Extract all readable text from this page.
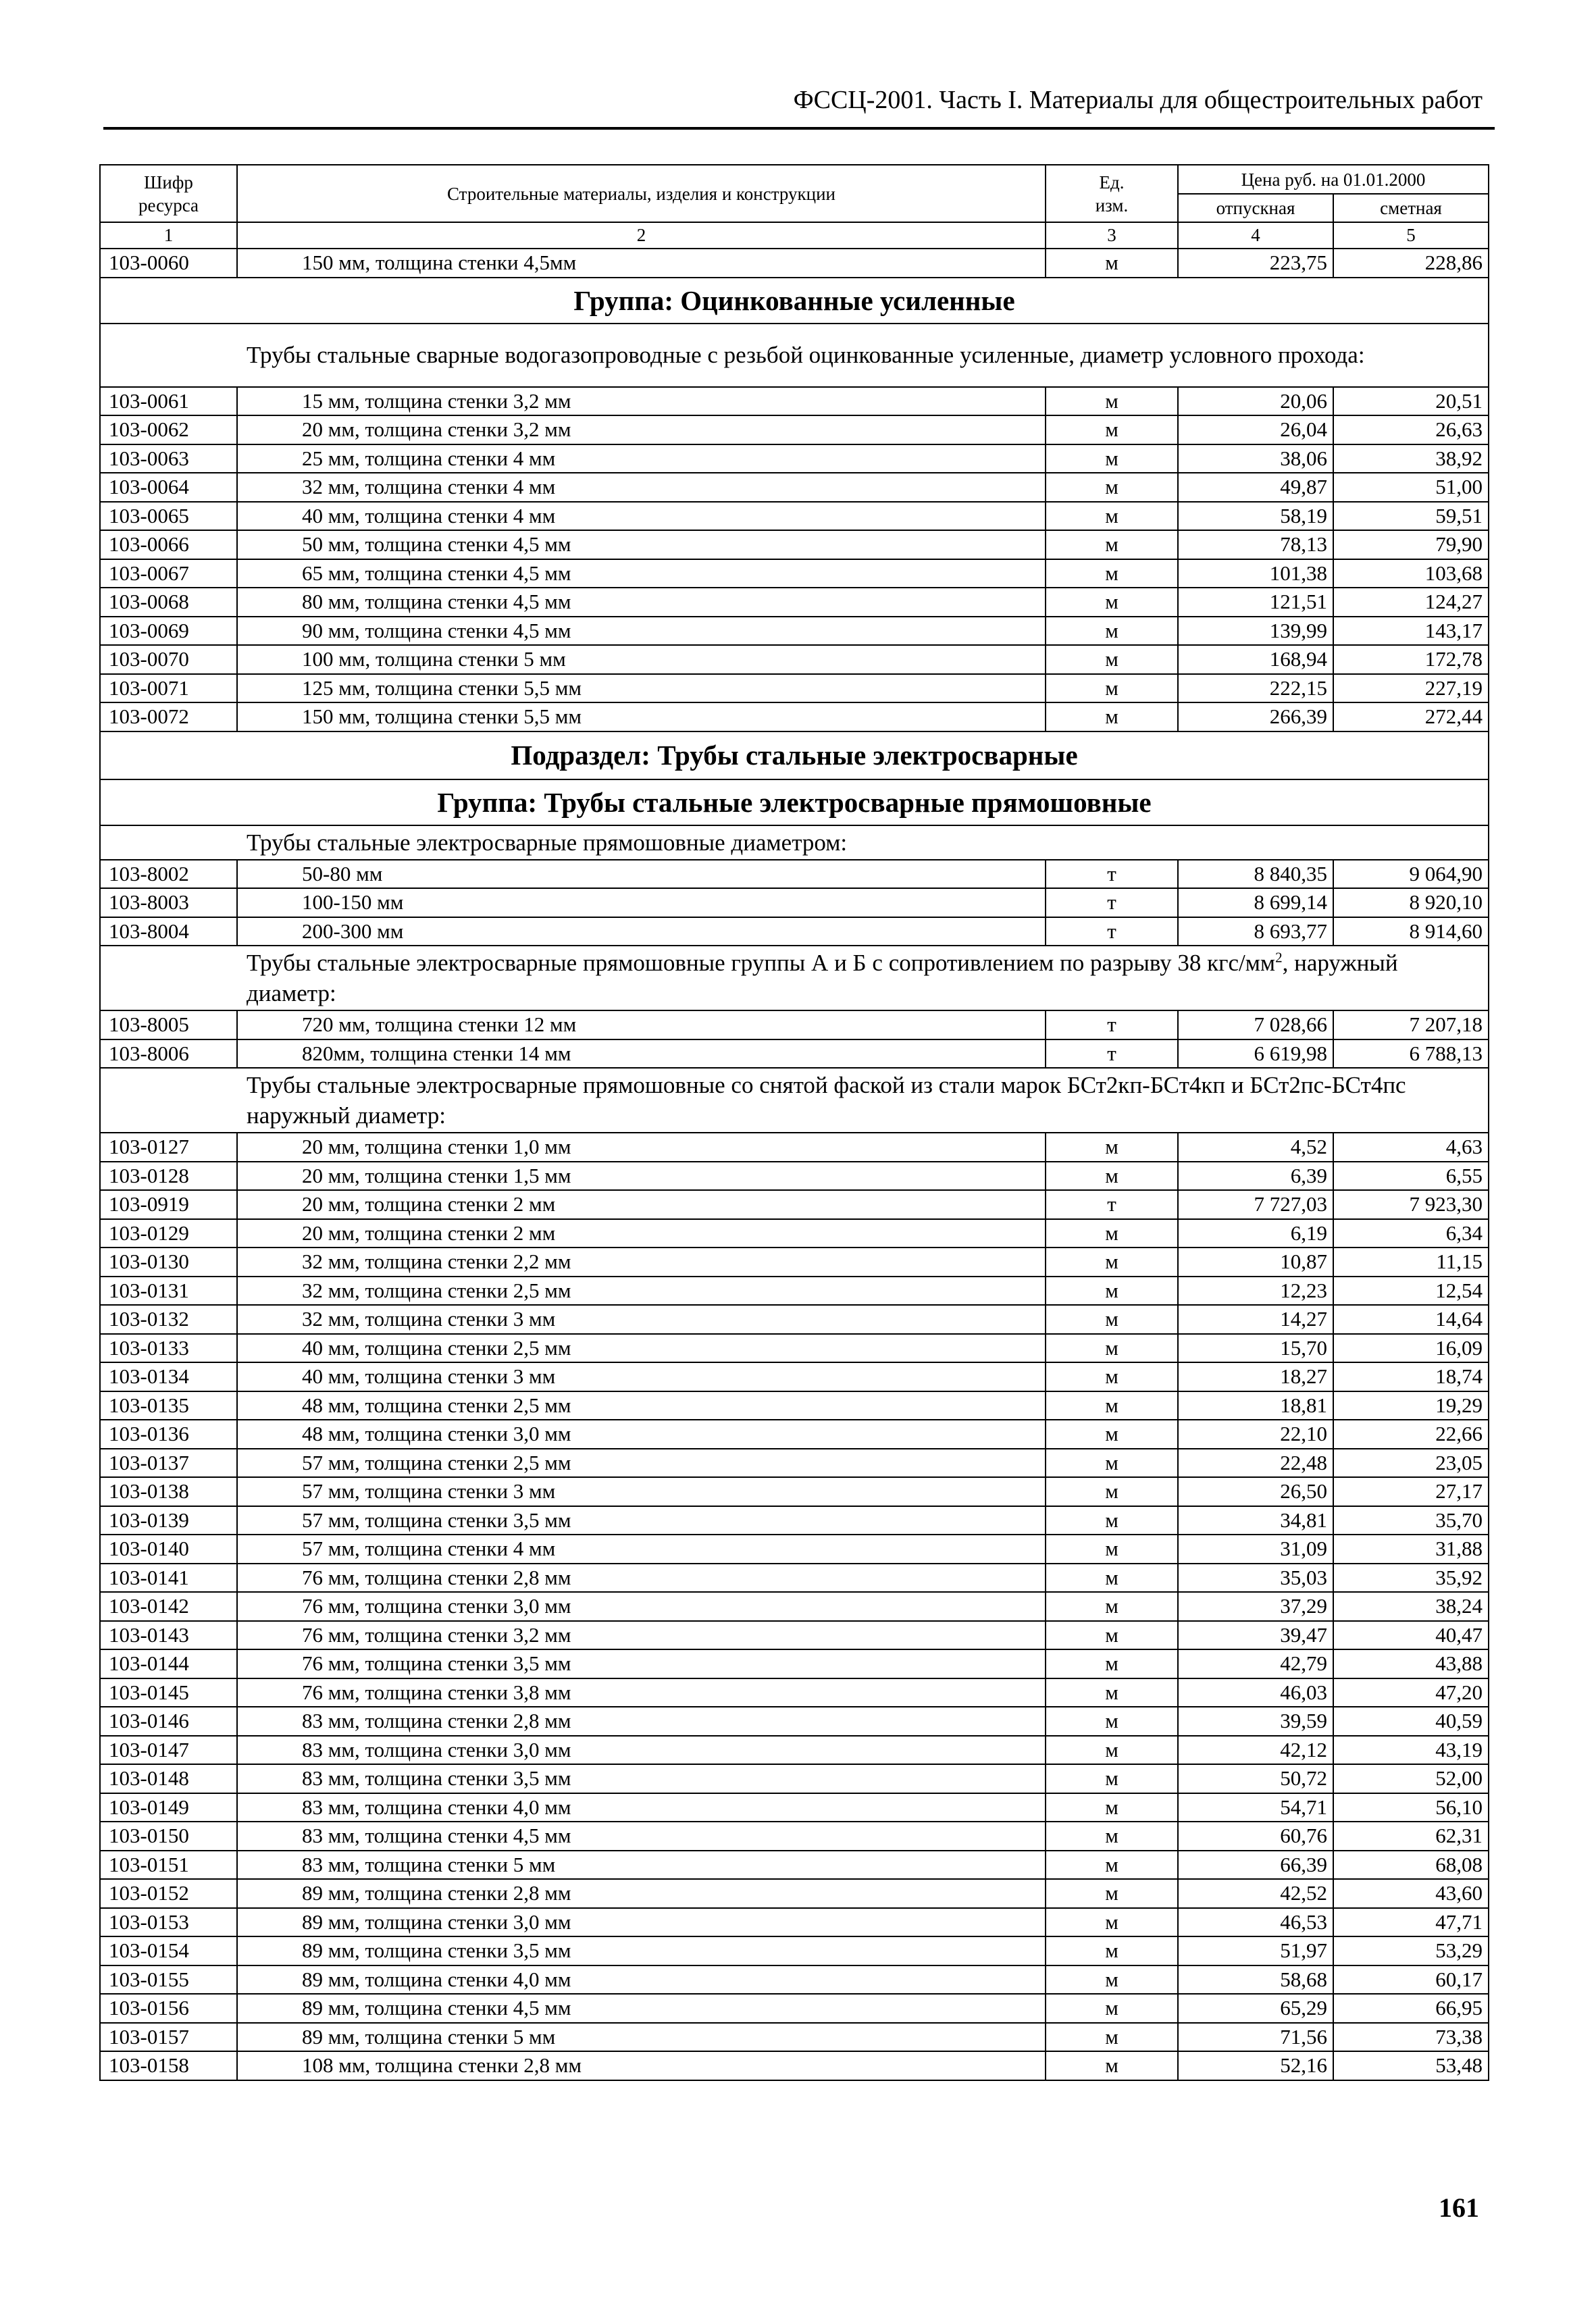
ФССЦ-2001. Часть I. Материалы для общестроительных работ
Шифр ресурса	Строительные материалы, изделия и конструкции	Ед. изм.	Цена руб. на 01.01.2000	
			отпускная	сметная
1	2	3	4	5
103-0060	150 мм, толщина стенки 4,5мм	м	223,75	228,86
Группа: Оцинкованные усиленные				
Трубы стальные сварные водогазопроводные с резьбой оцинкованные усиленные, диаметр условного прохода:				
103-0061	15 мм, толщина стенки 3,2 мм	м	20,06	20,51
103-0062	20 мм, толщина стенки 3,2 мм	м	26,04	26,63
103-0063	25 мм, толщина стенки 4 мм	м	38,06	38,92
103-0064	32 мм, толщина стенки 4 мм	м	49,87	51,00
103-0065	40 мм, толщина стенки 4 мм	м	58,19	59,51
103-0066	50 мм, толщина стенки 4,5 мм	м	78,13	79,90
103-0067	65 мм, толщина стенки 4,5 мм	м	101,38	103,68
103-0068	80 мм, толщина стенки 4,5 мм	м	121,51	124,27
103-0069	90 мм, толщина стенки 4,5 мм	м	139,99	143,17
103-0070	100 мм, толщина стенки 5 мм	м	168,94	172,78
103-0071	125 мм, толщина стенки 5,5 мм	м	222,15	227,19
103-0072	150 мм, толщина стенки 5,5 мм	м	266,39	272,44
Подраздел: Трубы стальные электросварные				
Группа: Трубы стальные электросварные прямошовные				
Трубы стальные электросварные прямошовные диаметром:				
103-8002	50-80 мм	т	8 840,35	9 064,90
103-8003	100-150 мм	т	8 699,14	8 920,10
103-8004	200-300 мм	т	8 693,77	8 914,60
Трубы стальные электросварные прямошовные группы А и Б с сопротивлением по разрыву 38 кгс/$мм^2$, наружный диаметр:				
103-8005	720 мм, толщина стенки 12 мм	т	7 028,66	7 207,18
103-8006	820мм, толщина стенки 14 мм	т	6 619,98	6 788,13
Трубы стальные электросварные прямошовные со снятой фаской из стали марок БСт2кп-БСт4кп и БСт2пс-БСт4пс наружный диаметр:				
103-0127	20 мм, толщина стенки 1,0 мм	м	4,52	4,63
103-0128	20 мм, толщина стенки 1,5 мм	м	6,39	6,55
103-0919	20 мм, толщина стенки 2 мм	т	7 727,03	7 923,30
103-0129	20 мм, толщина стенки 2 мм	м	6,19	6,34
103-0130	32 мм, толщина стенки 2,2 мм	м	10,87	11,15
103-0131	32 мм, толщина стенки 2,5 мм	м	12,23	12,54
103-0132	32 мм, толщина стенки 3 мм	м	14,27	14,64
103-0133	40 мм, толщина стенки 2,5 мм	м	15,70	16,09
103-0134	40 мм, толщина стенки 3 мм	м	18,27	18,74
103-0135	48 мм, толщина стенки 2,5 мм	м	18,81	19,29
103-0136	48 мм, толщина стенки 3,0 мм	м	22,10	22,66
103-0137	57 мм, толщина стенки 2,5 мм	м	22,48	23,05
103-0138	57 мм, толщина стенки 3 мм	м	26,50	27,17
103-0139	57 мм, толщина стенки 3,5 мм	м	34,81	35,70
103-0140	57 мм, толщина стенки 4 мм	м	31,09	31,88
103-0141	76 мм, толщина стенки 2,8 мм	м	35,03	35,92
103-0142	76 мм, толщина стенки 3,0 мм	м	37,29	38,24
103-0143	76 мм, толщина стенки 3,2 мм	м	39,47	40,47
103-0144	76 мм, толщина стенки 3,5 мм	м	42,79	43,88
103-0145	76 мм, толщина стенки 3,8 мм	м	46,03	47,20
103-0146	83 мм, толщина стенки 2,8 мм	м	39,59	40,59
103-0147	83 мм, толщина стенки 3,0 мм	м	42,12	43,19
103-0148	83 мм, толщина стенки 3,5 мм	м	50,72	52,00
103-0149	83 мм, толщина стенки 4,0 мм	м	54,71	56,10
103-0150	83 мм, толщина стенки 4,5 мм	м	60,76	62,31
103-0151	83 мм, толщина стенки 5 мм	м	66,39	68,08
103-0152	89 мм, толщина стенки 2,8 мм	м	42,52	43,60
103-0153	89 мм, толщина стенки 3,0 мм	м	46,53	47,71
103-0154	89 мм, толщина стенки 3,5 мм	м	51,97	53,29
103-0155	89 мм, толщина стенки 4,0 мм	м	58,68	60,17
103-0156	89 мм, толщина стенки 4,5 мм	м	65,29	66,95
103-0157	89 мм, толщина стенки 5 мм	м	71,56	73,38
103-0158	108 мм, толщина стенки 2,8 мм	м	52,16	53,48
161
